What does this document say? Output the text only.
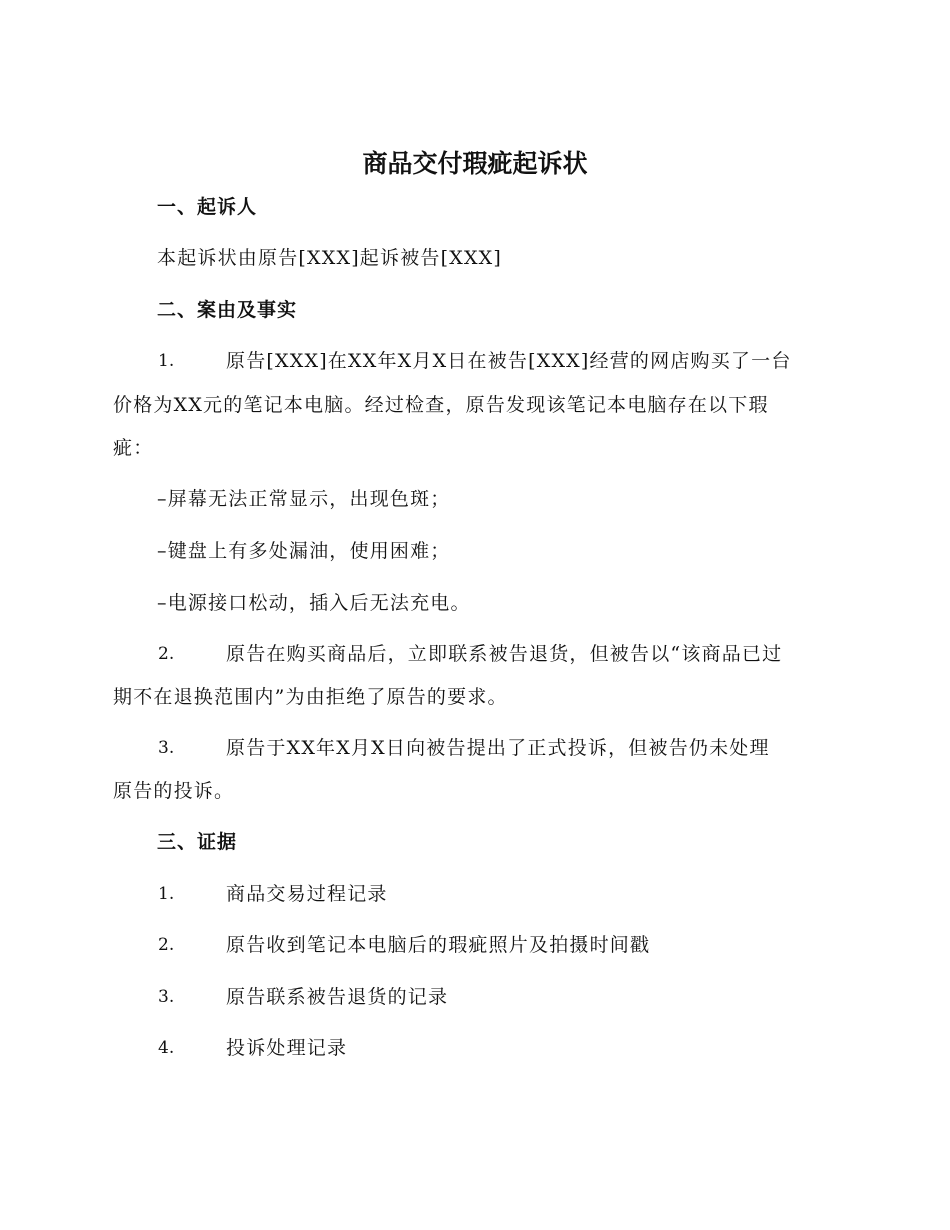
商品交付瑕疵起诉状
一、起诉人
本起诉状由原告[XXX]起诉被告[XXX]
二、案由及事实
1.	原告[XXX]在XX年X月X日在被告[XXX]经营的网店购买了一台
价格为XX元的笔记本电脑。经过检查，原告发现该笔记本电脑存在以下瑕
疵：
–屏幕无法正常显示，出现色斑；
–键盘上有多处漏油，使用困难；
–电源接口松动，插入后无法充电。
2.	原告在购买商品后，立即联系被告退货，但被告以“该商品已过
期不在退换范围内”为由拒绝了原告的要求。
3.	原告于XX年X月X日向被告提出了正式投诉，但被告仍未处理
原告的投诉。
三、证据
1.	商品交易过程记录
2.	原告收到笔记本电脑后的瑕疵照片及拍摄时间戳
3.	原告联系被告退货的记录
4.	投诉处理记录
